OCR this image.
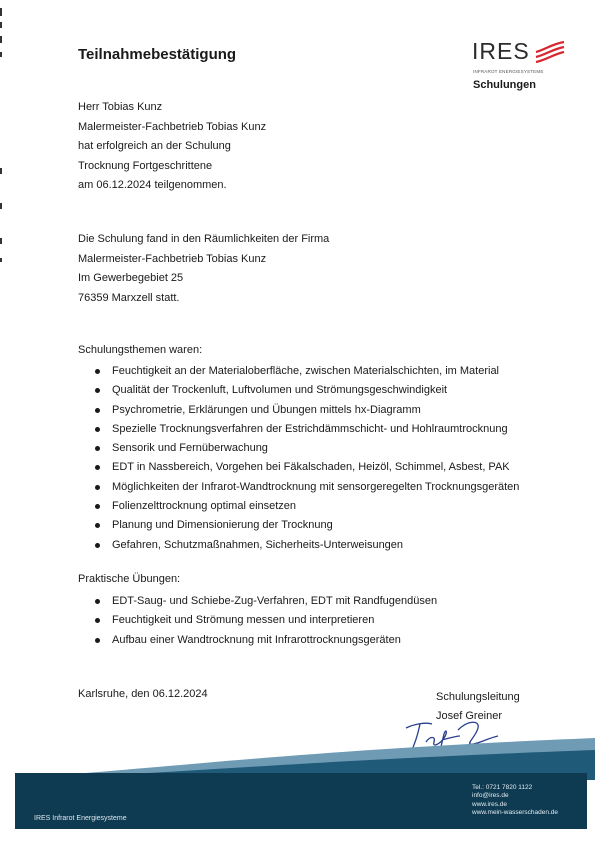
Teilnahmebestätigung	IRES
INFRAROT ENERGIESYSTEME
Schulungen
Herr Tobias Kunz
Malermeister-Fachbetrieb Tobias Kunz
hat erfolgreich an der Schulung
Trocknung Fortgeschrittene
am 06.12.2024 teilgenommen.
Die Schulung fand in den Räumlichkeiten der Firma
Malermeister-Fachbetrieb Tobias Kunz
Im Gewerbegebiet 25
76359 Marxzell statt.
Schulungsthemen waren:
Feuchtigkeit an der Materialoberfläche, zwischen Materialschichten, im Material
Qualität der Trockenluft, Luftvolumen und Strömungsgeschwindigkeit
Psychrometrie, Erklärungen und Übungen mittels hx-Diagramm
Spezielle Trocknungsverfahren der Estrichdämmschicht- und Hohlraumtrocknung
Sensorik und Fernüberwachung
EDT in Nassbereich, Vorgehen bei Fäkalschaden, Heizöl, Schimmel, Asbest, PAK
Möglichkeiten der Infrarot-Wandtrocknung mit sensorgeregelten Trocknungsgeräten
Folienzelttrocknung optimal einsetzen
Planung und Dimensionierung der Trocknung
Gefahren, Schutzmaßnahmen, Sicherheits-Unterweisungen
Praktische Übungen:
EDT-Saug- und Schiebe-Zug-Verfahren, EDT mit Randfugendüsen
Feuchtigkeit und Strömung messen und interpretieren
Aufbau einer Wandtrocknung mit Infrarottrocknungsgeräten
Karlsruhe, den 06.12.2024	Schulungsleitung
Josef Greiner
IRES Infrarot Energiesysteme
Tel.: 0721 7820 1122
info@ires.de
www.ires.de
www.mein-wasserschaden.de
